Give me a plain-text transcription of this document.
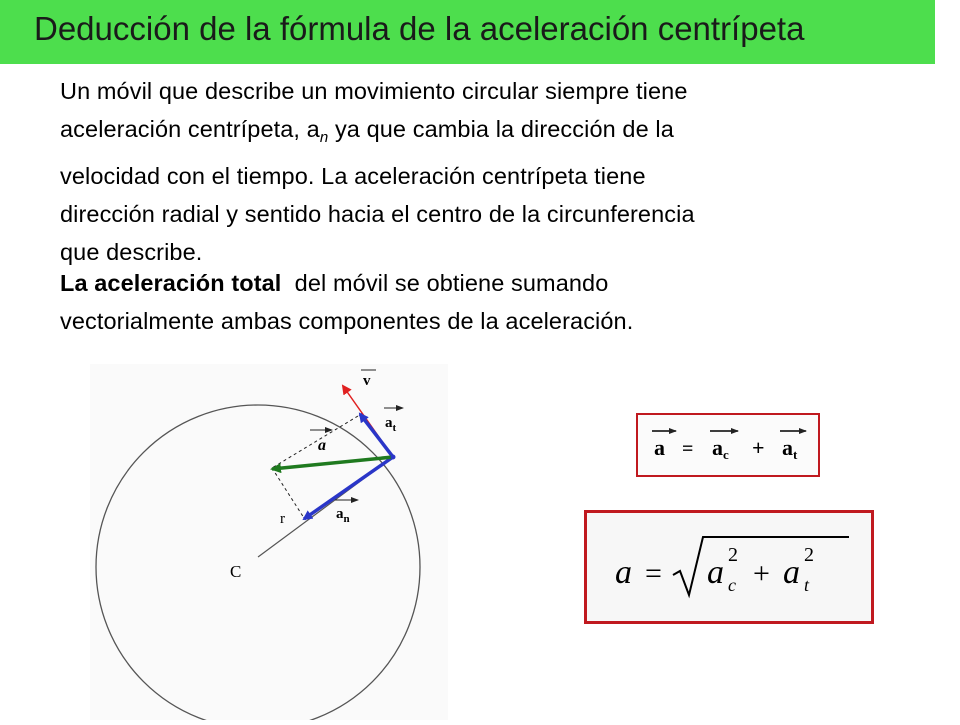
Deducción de la fórmula de la aceleración centrípeta
Un móvil que describe un movimiento circular siempre tiene
aceleración centrípeta, $a_n$ ya que cambia la dirección de la
velocidad con el tiempo. La aceleración centrípeta tiene
dirección radial y sentido hacia el centro de la circunferencia
que describe.
La aceleración total  del móvil se obtiene sumando
vectorialmente ambas componentes de la aceleración.
v
$a_t$
a
$a_n$
r
C
a = ac + at
a = a 2
c + a 2
t
